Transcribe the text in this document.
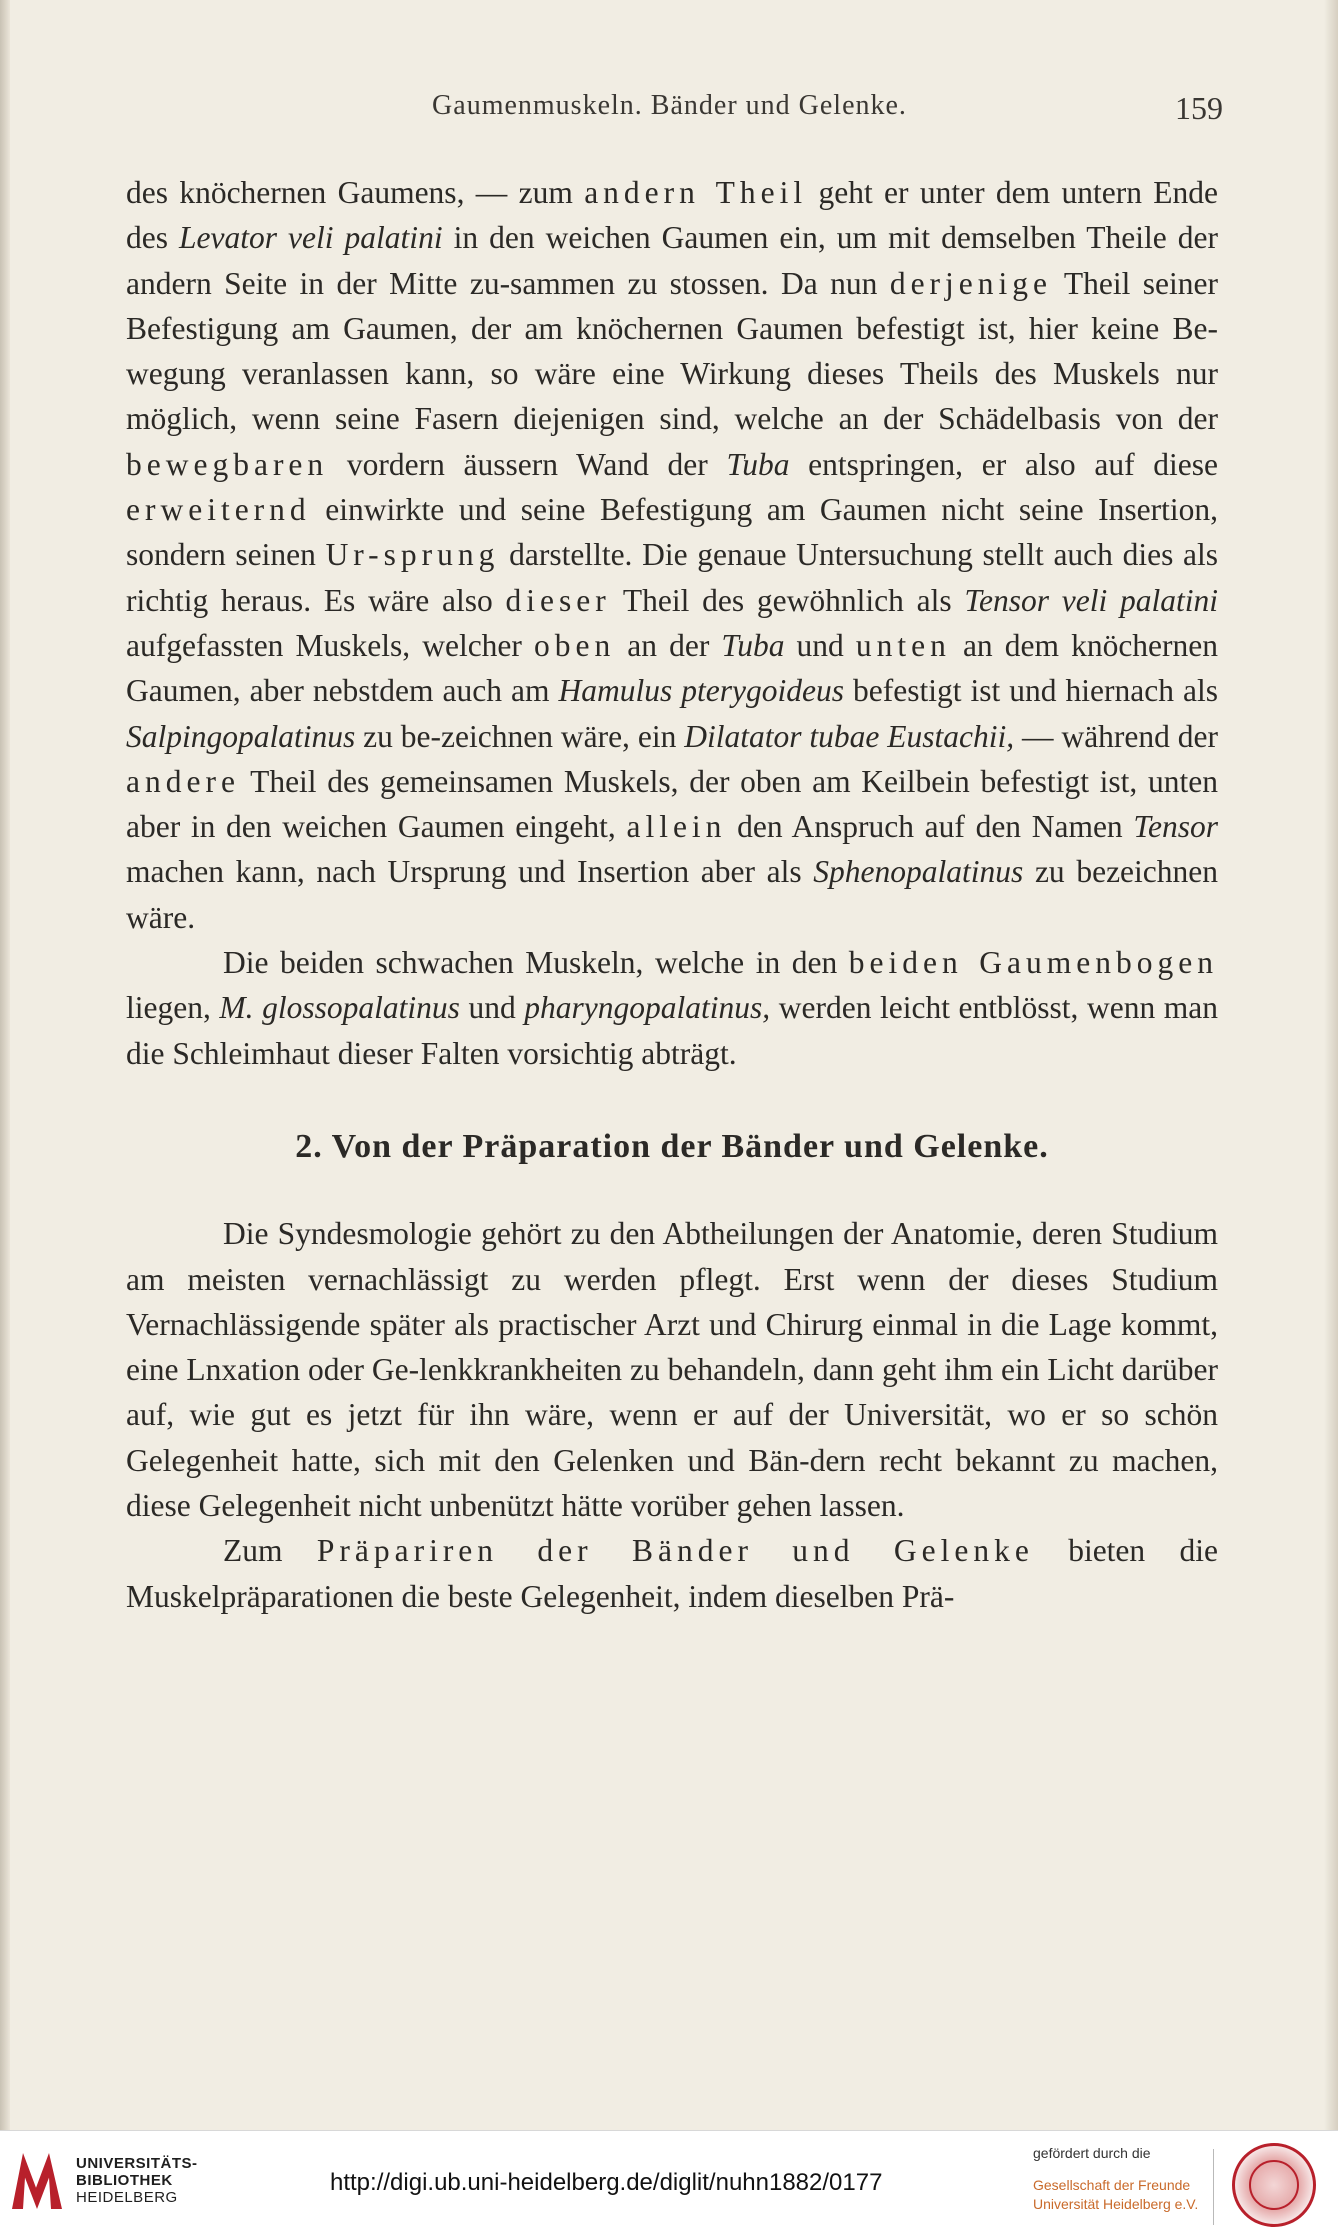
Gaumenmuskeln. Bänder und Gelenke.	159

des knöchernen Gaumens, — zum andern Theil geht er unter dem untern Ende des Levator veli palatini in den weichen Gaumen ein, um mit demselben Theile der andern Seite in der Mitte zu-sammen zu stossen. Da nun derjenige Theil seiner Befestigung am Gaumen, der am knöchernen Gaumen befestigt ist, hier keine Be-wegung veranlassen kann, so wäre eine Wirkung dieses Theils des Muskels nur möglich, wenn seine Fasern diejenigen sind, welche an der Schädelbasis von der bewegbaren vordern äussern Wand der Tuba entspringen, er also auf diese erweiternd einwirkte und seine Befestigung am Gaumen nicht seine Insertion, sondern seinen Ur-sprung darstellte. Die genaue Untersuchung stellt auch dies als richtig heraus. Es wäre also dieser Theil des gewöhnlich als Tensor veli palatini aufgefassten Muskels, welcher oben an der Tuba und unten an dem knöchernen Gaumen, aber nebstdem auch am Hamulus pterygoideus befestigt ist und hiernach als Salpingopalatinus zu be-zeichnen wäre, ein Dilatator tubae Eustachii, — während der andere Theil des gemeinsamen Muskels, der oben am Keilbein befestigt ist, unten aber in den weichen Gaumen eingeht, allein den Anspruch auf den Namen Tensor machen kann, nach Ursprung und Insertion aber als Sphenopalatinus zu bezeichnen wäre.

Die beiden schwachen Muskeln, welche in den beiden Gaumenbogen liegen, M. glossopalatinus und pharyngopalatinus, werden leicht entblösst, wenn man die Schleimhaut dieser Falten vorsichtig abträgt.

2. Von der Präparation der Bänder und Gelenke.

Die Syndesmologie gehört zu den Abtheilungen der Anatomie, deren Studium am meisten vernachlässigt zu werden pflegt. Erst wenn der dieses Studium Vernachlässigende später als practischer Arzt und Chirurg einmal in die Lage kommt, eine Lnxation oder Ge-lenkkrankheiten zu behandeln, dann geht ihm ein Licht darüber auf, wie gut es jetzt für ihn wäre, wenn er auf der Universität, wo er so schön Gelegenheit hatte, sich mit den Gelenken und Bän-dern recht bekannt zu machen, diese Gelegenheit nicht unbenützt hätte vorüber gehen lassen.

Zum Präpariren der Bänder und Gelenke bieten die Muskelpräparationen die beste Gelegenheit, indem dieselben Prä-

UNIVERSITÄTS-
BIBLIOTHEK
HEIDELBERG
http://digi.ub.uni-heidelberg.de/diglit/nuhn1882/0177
gefördert durch die
Gesellschaft der Freunde
Universität Heidelberg e.V.
